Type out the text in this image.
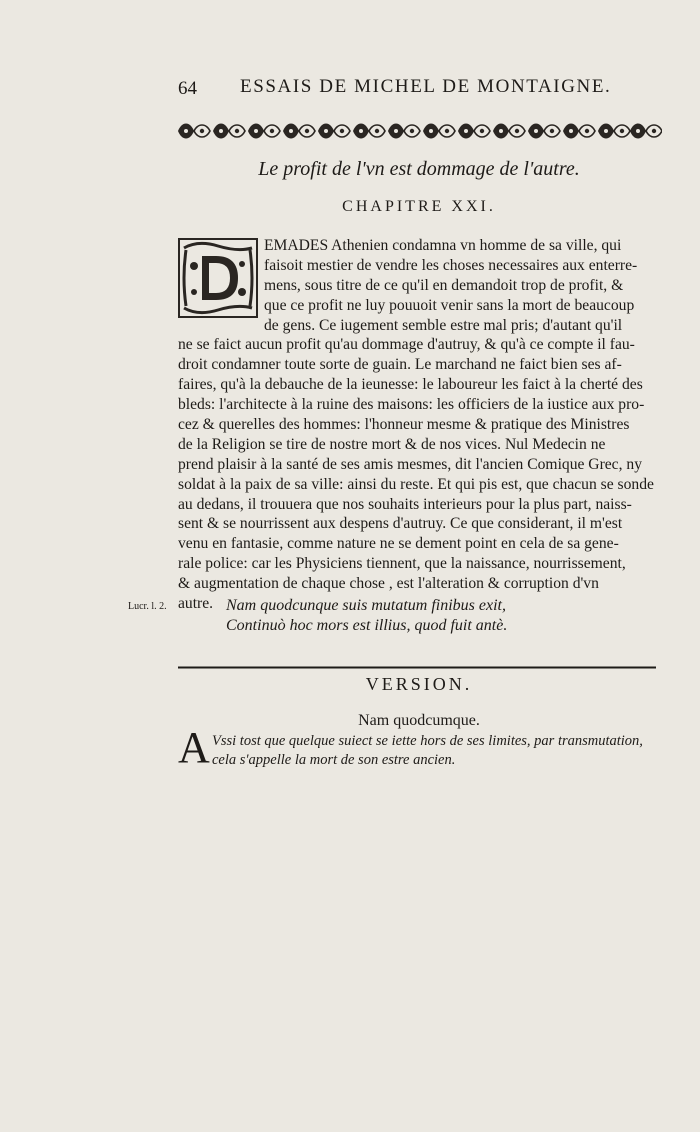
64 ESSAIS DE MICHEL DE MONTAIGNE.
Le profit de l'vn est dommage de l'autre.
CHAPITRE XXI.
EMADES Athenien condamna vn homme de sa ville, qui
faisoit mestier de vendre les choses necessaires aux enterre-
mens, sous titre de ce qu'il en demandoit trop de profit, &
que ce profit ne luy pouuoit venir sans la mort de beaucoup
de gens. Ce iugement semble estre mal pris; d'autant qu'il
ne se faict aucun profit qu'au dommage d'autruy, & qu'à ce compte il fau-
droit condamner toute sorte de guain. Le marchand ne faict bien ses af-
faires, qu'à la debauche de la ieunesse: le laboureur les faict à la cherté des
bleds: l'architecte à la ruine des maisons: les officiers de la iustice aux pro-
cez & querelles des hommes: l'honneur mesme & pratique des Ministres
de la Religion se tire de nostre mort & de nos vices. Nul Medecin ne
prend plaisir à la santé de ses amis mesmes, dit l'ancien Comique Grec, ny
soldat à la paix de sa ville: ainsi du reste. Et qui pis est, que chacun se sonde
au dedans, il trouuera que nos souhaits interieurs pour la plus part, naiss-
sent & se nourrissent aux despens d'autruy. Ce que considerant, il m'est
venu en fantasie, comme nature ne se dement point en cela de sa gene-
rale police: car les Physiciens tiennent, que la naissance, nourrissement,
& augmentation de chaque chose , est l'alteration & corruption d'vn
autre.
Lucr. l. 2.	Nam quodcunque suis mutatum finibus exit,
Continuò hoc mors est illius, quod fuit antè.
VERSION.
Nam quodcumque.
A Vssi tost que quelque suiect se iette hors de ses limites, par transmutation,
cela s'appelle la mort de son estre ancien.
